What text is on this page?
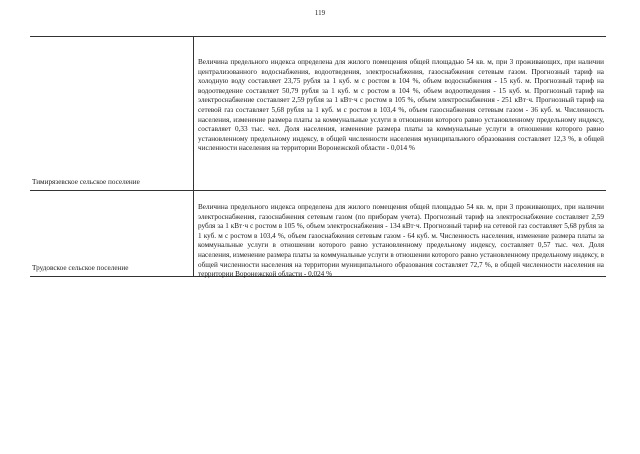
119
Тимирязевское сельское поселение

Величина предельного индекса определена для жилого помещения общей площадью 54 кв. м, при 3 проживающих, при наличии централизованного водоснабжения, водоотведения, электроснабжения, газоснабжения сетевым газом. Прогнозный тариф на холодную воду составляет 23,75 рубля за 1 куб. м с ростом в 104 %, объем водоснабжения - 15 куб. м. Прогнозный тариф на водоотведение составляет 50,79 рубля за 1 куб. м с ростом в 104 %, объем водоотведения - 15 куб. м. Прогнозный тариф на электроснабжение составляет 2,59 рубля за 1 кВт·ч с ростом в 105 %, объем электроснабжения - 251 кВт·ч. Прогнозный тариф на сетевой газ составляет 5,68 рубля за 1 куб. м с ростом в 103,4 %, объем газоснабжения сетевым газом - 36 куб. м. Численность населения, изменение размера платы за коммунальные услуги в отношении которого равно установленному предельному индексу, составляет 0,33 тыс. чел. Доля населения, изменение размера платы за коммунальные услуги в отношении которого равно установленному предельному индексу, в общей численности населения муниципального образования составляет 12,3 %, в общей численности населения на территории Воронежской области - 0,014 %

Трудовское сельское поселение

Величина предельного индекса определена для жилого помещения общей площадью 54 кв. м, при 3 проживающих, при наличии электроснабжения, газоснабжения сетевым газом (по приборам учета). Прогнозный тариф на электроснабжение составляет 2,59 рубля за 1 кВт·ч с ростом в 105 %, объем электроснабжения - 134 кВт·ч. Прогнозный тариф на сетевой газ составляет 5,68 рубля за 1 куб. м с ростом в 103,4 %, объем газоснабжения сетевым газом - 64 куб. м. Численность населения, изменение размера платы за коммунальные услуги в отношении которого равно установленному предельному индексу, составляет 0,57 тыс. чел. Доля населения, изменение размера платы за коммунальные услуги в отношении которого равно установленному предельному индексу, в общей численности населения на территории муниципального образования составляет 72,7 %, в общей численности населения на территории Воронежской области - 0,024 %
